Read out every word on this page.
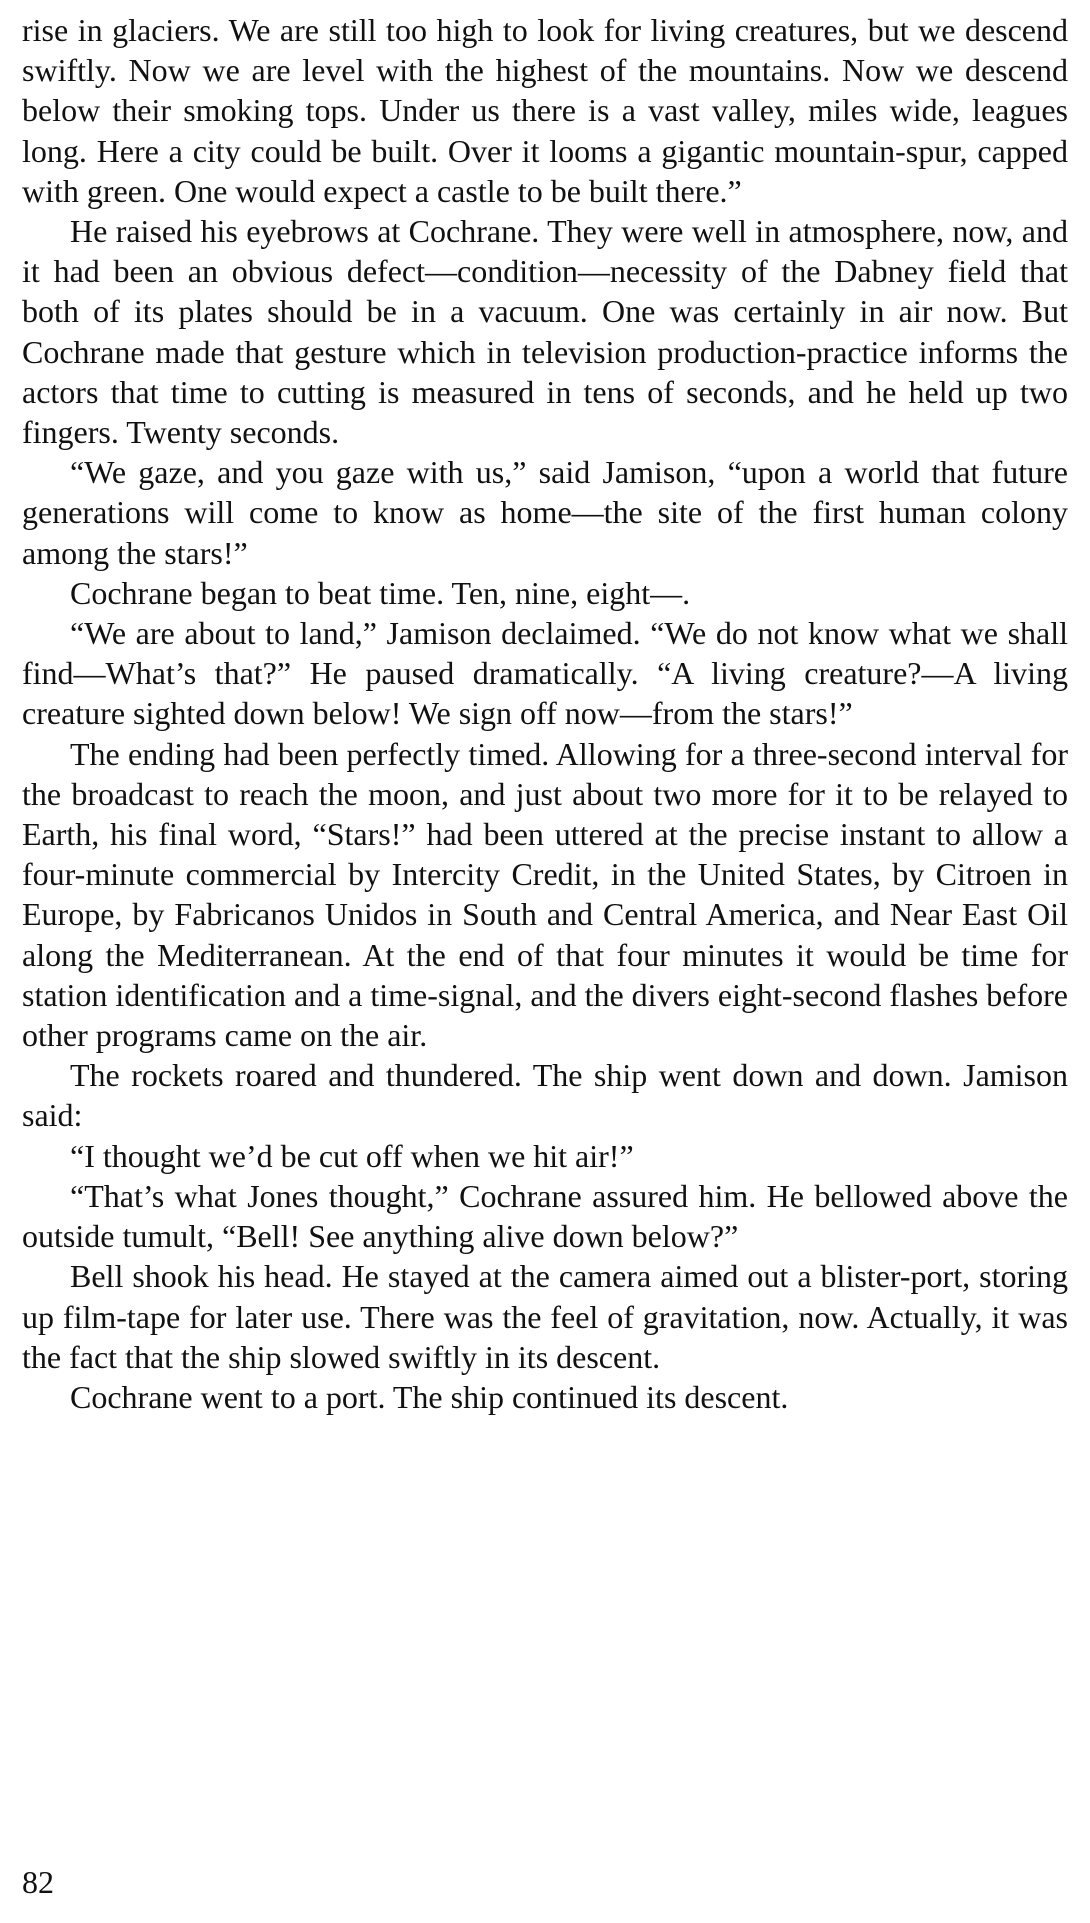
rise in glaciers. We are still too high to look for living creatures, but we descend swiftly. Now we are level with the highest of the mountains. Now we descend below their smoking tops. Under us there is a vast valley, miles wide, leagues long. Here a city could be built. Over it looms a gigantic mountain-spur, capped with green. One would expect a castle to be built there.”

He raised his eyebrows at Cochrane. They were well in atmosphere, now, and it had been an obvious defect—condition—necessity of the Dabney field that both of its plates should be in a vacuum. One was certainly in air now. But Cochrane made that gesture which in television production-practice informs the actors that time to cutting is measured in tens of seconds, and he held up two fingers. Twenty seconds.

“We gaze, and you gaze with us,” said Jamison, “upon a world that future generations will come to know as home—the site of the first human colony among the stars!”

Cochrane began to beat time. Ten, nine, eight—.

“We are about to land,” Jamison declaimed. “We do not know what we shall find—What’s that?” He paused dramatically. “A living creature?—A living creature sighted down below! We sign off now—from the stars!”

The ending had been perfectly timed. Allowing for a three-second interval for the broadcast to reach the moon, and just about two more for it to be relayed to Earth, his final word, “Stars!” had been uttered at the precise instant to allow a four-minute commercial by Intercity Credit, in the United States, by Citroen in Europe, by Fabricanos Unidos in South and Central America, and Near East Oil along the Mediterranean. At the end of that four minutes it would be time for station identification and a time-signal, and the divers eight-second flashes before other programs came on the air.

The rockets roared and thundered. The ship went down and down. Jamison said:

“I thought we’d be cut off when we hit air!”

“That’s what Jones thought,” Cochrane assured him. He bellowed above the outside tumult, “Bell! See anything alive down below?”

Bell shook his head. He stayed at the camera aimed out a blister-port, storing up film-tape for later use. There was the feel of gravitation, now. Actually, it was the fact that the ship slowed swiftly in its descent.

Cochrane went to a port. The ship continued its descent.

82
